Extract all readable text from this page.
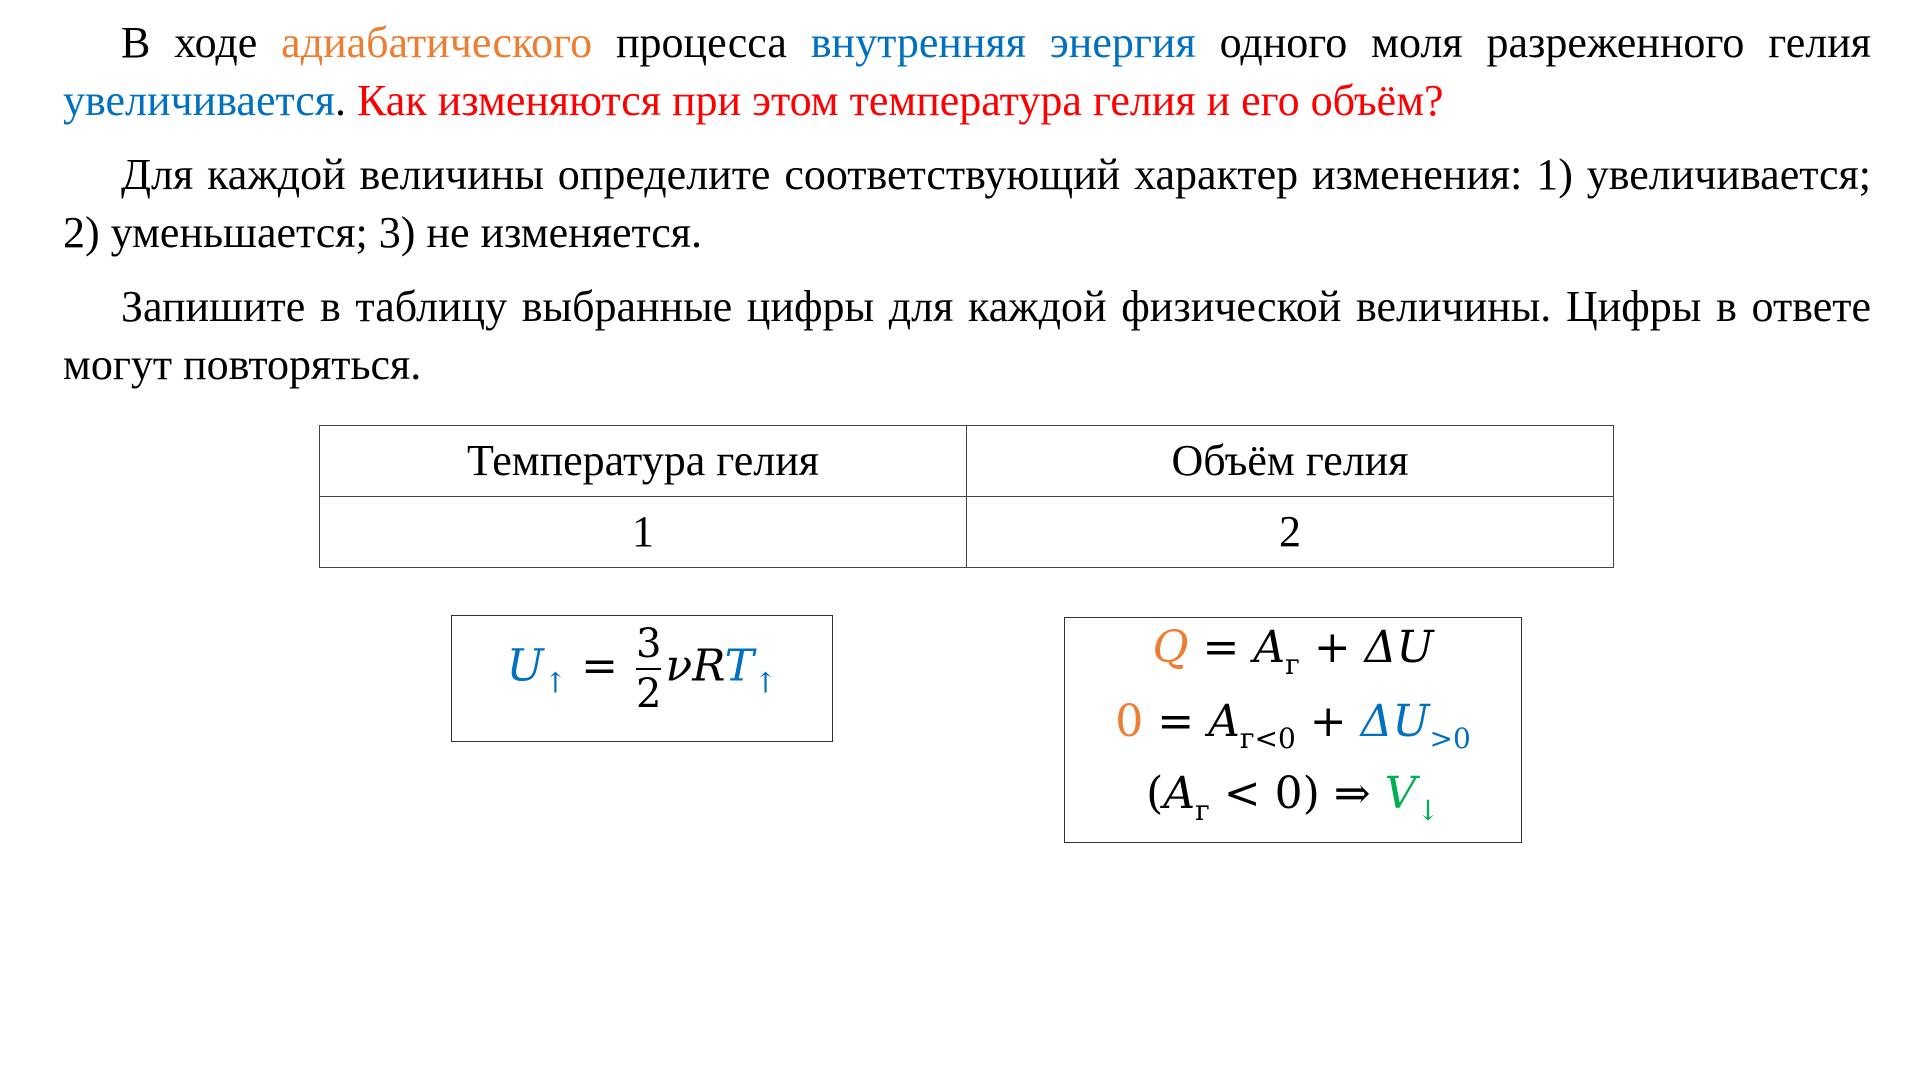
В ходе адиабатического процесса внутренняя энергия одного моля разреженного гелия увеличивается. Как изменяются при этом температура гелия и его объём?
Для каждой величины определите соответствующий характер изменения: 1) увеличивается; 2) уменьшается; 3) не изменяется.
Запишите в таблицу выбранные цифры для каждой физической величины. Цифры в ответе могут повторяться.
Температура гелия	Объём гелия
1	2
$U_↑ = \frac{3}{2} \nu RT_↑$
$Q = A_г + \Delta U$
$0 = A_{г<0} + \Delta U_{>0}$
$(A_г < 0)$ ⇒ $V_↓$
